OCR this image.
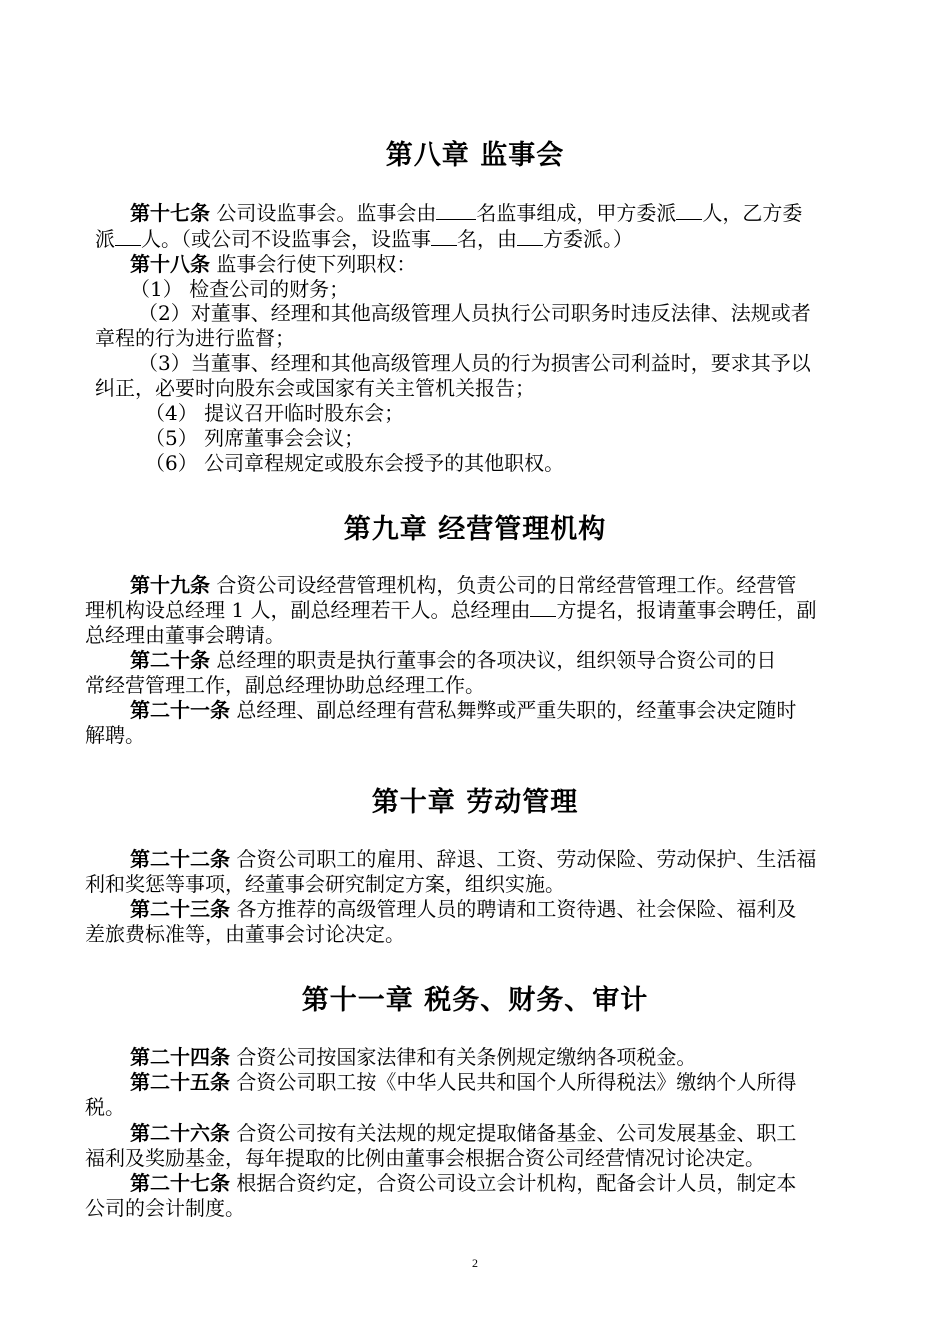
第八章 监事会
第十七条 公司设监事会。监事会由 名监事组成，甲方委派 人，乙方委
派 人。（或公司不设监事会，设监事 名，由 方委派。）
第十八条 监事会行使下列职权：
（1） 检查公司的财务；
（2）对董事、经理和其他高级管理人员执行公司职务时违反法律、法规或者
章程的行为进行监督；
（3）当董事、经理和其他高级管理人员的行为损害公司利益时，要求其予以
纠正，必要时向股东会或国家有关主管机关报告；
（4） 提议召开临时股东会；
（5） 列席董事会会议；
（6） 公司章程规定或股东会授予的其他职权。
第九章 经营管理机构
第十九条 合资公司设经营管理机构，负责公司的日常经营管理工作。经营管
理机构设总经理 1 人，副总经理若干人。总经理由 方提名，报请董事会聘任，副
总经理由董事会聘请。
第二十条 总经理的职责是执行董事会的各项决议，组织领导合资公司的日
常经营管理工作，副总经理协助总经理工作。
第二十一条 总经理、副总经理有营私舞弊或严重失职的，经董事会决定随时
解聘。
第十章 劳动管理
第二十二条 合资公司职工的雇用、辞退、工资、劳动保险、劳动保护、生活福
利和奖惩等事项，经董事会研究制定方案，组织实施。
第二十三条 各方推荐的高级管理人员的聘请和工资待遇、社会保险、福利及
差旅费标准等，由董事会讨论决定。
第十一章 税务、财务、审计
第二十四条 合资公司按国家法律和有关条例规定缴纳各项税金。
第二十五条 合资公司职工按《中华人民共和国个人所得税法》缴纳个人所得
税。
第二十六条 合资公司按有关法规的规定提取储备基金、公司发展基金、职工
福利及奖励基金，每年提取的比例由董事会根据合资公司经营情况讨论决定。
第二十七条 根据合资约定，合资公司设立会计机构，配备会计人员，制定本
公司的会计制度。
2
